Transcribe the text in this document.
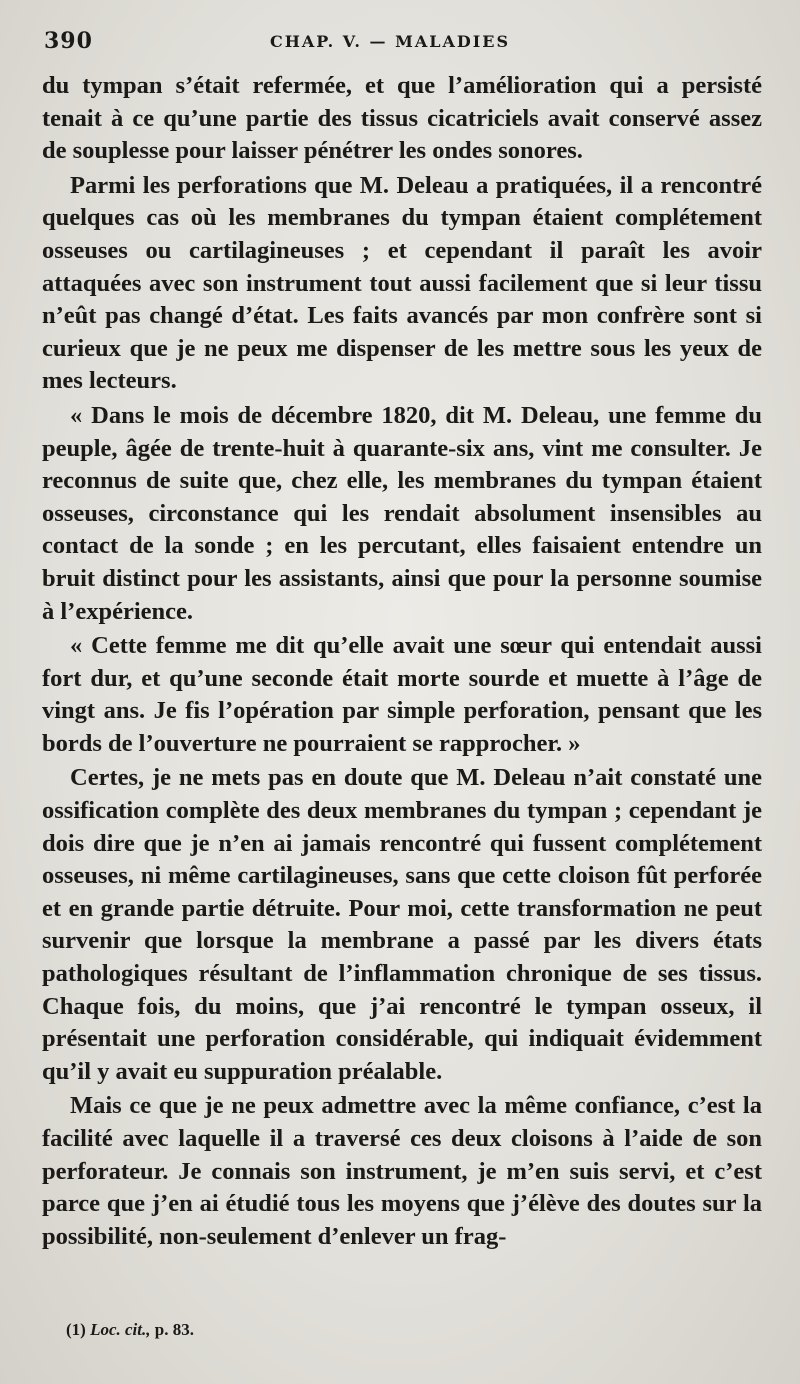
390	CHAP. V. — MALADIES

du tympan s’était refermée, et que l’amélioration qui a persisté tenait à ce qu’une partie des tissus cicatriciels avait conservé assez de souplesse pour laisser pénétrer les ondes sonores.

Parmi les perforations que M. Deleau a pratiquées, il a rencontré quelques cas où les membranes du tympan étaient complétement osseuses ou cartilagineuses ; et cependant il paraît les avoir attaquées avec son instrument tout aussi facilement que si leur tissu n’eût pas changé d’état. Les faits avancés par mon confrère sont si curieux que je ne peux me dispenser de les mettre sous les yeux de mes lecteurs.

« Dans le mois de décembre 1820, dit M. Deleau, une femme du peuple, âgée de trente-huit à quarante-six ans, vint me consulter. Je reconnus de suite que, chez elle, les membranes du tympan étaient osseuses, circonstance qui les rendait absolument insensibles au contact de la sonde ; en les percutant, elles faisaient entendre un bruit distinct pour les assistants, ainsi que pour la personne soumise à l’expérience.

« Cette femme me dit qu’elle avait une sœur qui entendait aussi fort dur, et qu’une seconde était morte sourde et muette à l’âge de vingt ans. Je fis l’opération par simple perforation, pensant que les bords de l’ouverture ne pourraient se rapprocher. »

Certes, je ne mets pas en doute que M. Deleau n’ait constaté une ossification complète des deux membranes du tympan ; cependant je dois dire que je n’en ai jamais rencontré qui fussent complétement osseuses, ni même cartilagineuses, sans que cette cloison fût perforée et en grande partie détruite. Pour moi, cette transformation ne peut survenir que lorsque la membrane a passé par les divers états pathologiques résultant de l’inflammation chronique de ses tissus. Chaque fois, du moins, que j’ai rencontré le tympan osseux, il présentait une perforation considérable, qui indiquait évidemment qu’il y avait eu suppuration préalable.

Mais ce que je ne peux admettre avec la même confiance, c’est la facilité avec laquelle il a traversé ces deux cloisons à l’aide de son perforateur. Je connais son instrument, je m’en suis servi, et c’est parce que j’en ai étudié tous les moyens que j’élève des doutes sur la possibilité, non-seulement d’enlever un frag-

(1) Loc. cit., p. 83.
